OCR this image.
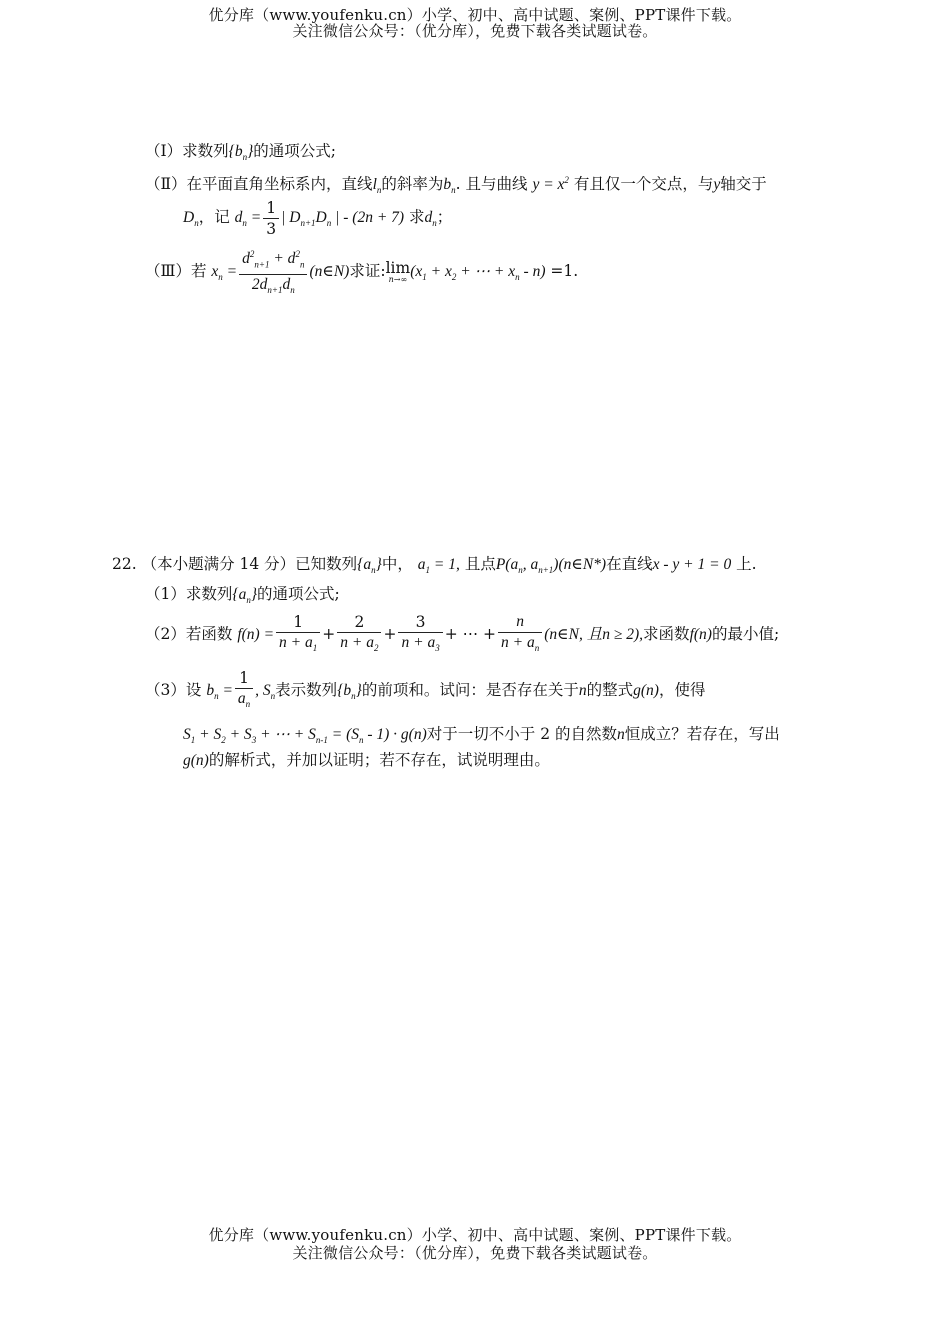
优分库（www.youfenku.cn）小学、初中、高中试题、案例、PPT课件下载。
关注微信公众号：（优分库），免费下载各类试题试卷。
（Ⅰ）求数列$\{b_n\}$的通项公式;
（Ⅱ）在平面直角坐标系内，直线$l_n$的斜率为$b_n$. 且与曲线 $y = x^2$ 有且仅一个交点，与y轴交于
$D_n$，记 $d_n = \frac{1}{3}$ | $D_{n+1}D_n$ | - (2n + 7) 求$d_n$；
（Ⅲ）若 $x_n = \frac{d^2_{n+1} + d^2_n}{2d_{n+1}d_n}$ (n∈N)求证: lim
n→∞ ($x_1 + x_2$ + ⋯ + $x_n - n) =1$.
22. （本小题满分 14 分）已知数列$\{a_n\}$中， $a_1 = 1$, 且点$P(a_n$, $a_{n+1})(n\in N*)$在直线x - y + 1 = 0 上.
（1）求数列$\{a_n\}$的通项公式;
（2）若函数 $f(n) = \frac{1}{n + a_1} + \frac{2}{n + a_2} + \frac{3}{n + a_3}$ + ⋯ + $\frac{n}{n + a_n}$ (n∈N, 且n ≥ 2),求函数f(n)的最小值;
（3）设 $b_n = \frac{1}{a_n}$ , $S_n$表示数列$\{b_n\}$的前项和。试问：是否存在关于n的整式g(n)，使得
$S_1 + S_2 + S_3$ + ⋯ + $S_{n-1} = (S_n - 1) \cdot g(n)$对于一切不小于 2 的自然数n恒成立？若存在，写出
g(n)的解析式，并加以证明；若不存在，试说明理由。
优分库（www.youfenku.cn）小学、初中、高中试题、案例、PPT课件下载。
关注微信公众号：（优分库），免费下载各类试题试卷。
